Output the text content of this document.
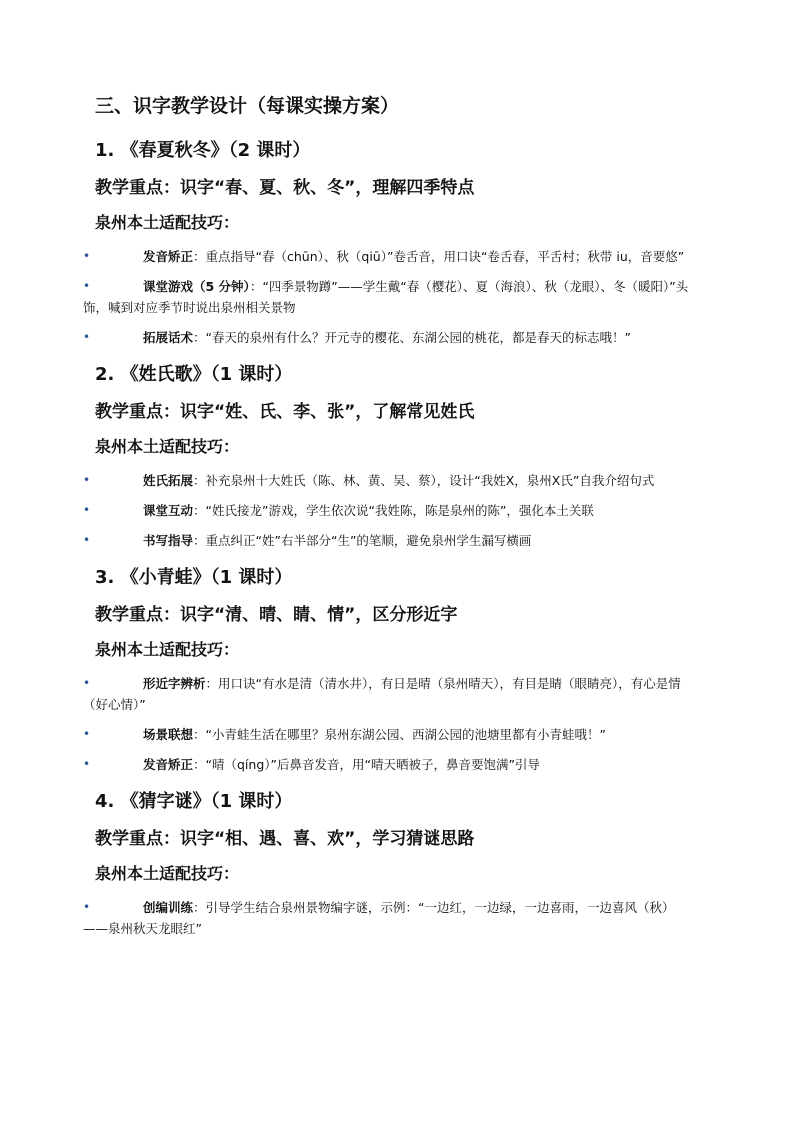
三、识字教学设计（每课实操方案）
1. 《春夏秋冬》（2 课时）
教学重点：识字“春、夏、秋、冬”，理解四季特点
泉州本土适配技巧：
•	发音矫正：重点指导“春（chūn）、秋（qiū）”卷舌音，用口诀“卷舌春，平舌村；秋带 iu，音要悠”
•	课堂游戏（5 分钟）：“四季景物蹲”——学生戴“春（樱花）、夏（海浪）、秋（龙眼）、冬（暖阳）”头饰，喊到对应季节时说出泉州相关景物
•	拓展话术：“春天的泉州有什么？开元寺的樱花、东湖公园的桃花，都是春天的标志哦！”
2. 《姓氏歌》（1 课时）
教学重点：识字“姓、氏、李、张”，了解常见姓氏
泉州本土适配技巧：
•	姓氏拓展：补充泉州十大姓氏（陈、林、黄、吴、蔡），设计“我姓X，泉州X氏”自我介绍句式
•	课堂互动：“姓氏接龙”游戏，学生依次说“我姓陈，陈是泉州的陈”，强化本土关联
•	书写指导：重点纠正“姓”右半部分“生”的笔顺，避免泉州学生漏写横画
3. 《小青蛙》（1 课时）
教学重点：识字“清、晴、睛、情”，区分形近字
泉州本土适配技巧：
•	形近字辨析：用口诀“有水是清（清水井），有日是晴（泉州晴天），有目是睛（眼睛亮），有心是情（好心情）”
•	场景联想：“小青蛙生活在哪里？泉州东湖公园、西湖公园的池塘里都有小青蛙哦！”
•	发音矫正：“晴（qíng）”后鼻音发音，用“晴天晒被子，鼻音要饱满”引导
4. 《猜字谜》（1 课时）
教学重点：识字“相、遇、喜、欢”，学习猜谜思路
泉州本土适配技巧：
•	创编训练：引导学生结合泉州景物编字谜，示例：“一边红，一边绿，一边喜雨，一边喜风（秋）——泉州秋天龙眼红”
